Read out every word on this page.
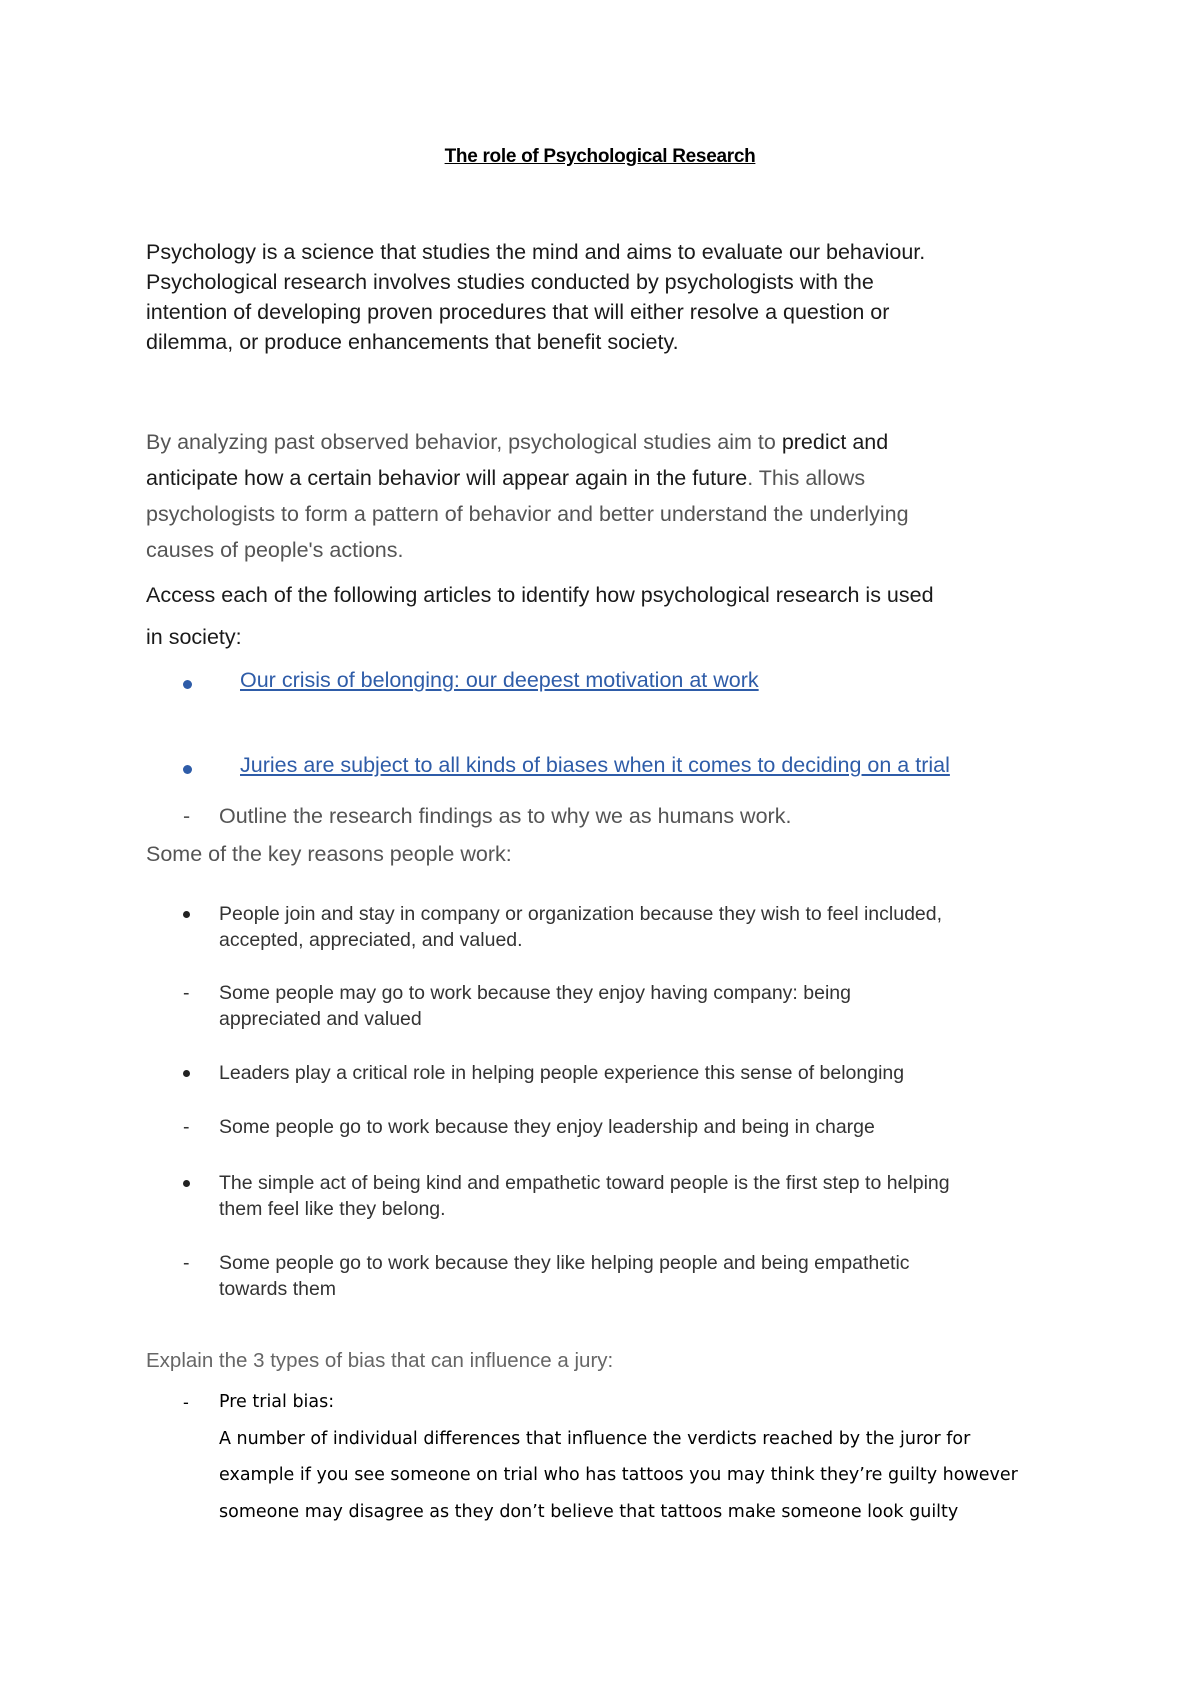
The role of Psychological Research
Psychology is a science that studies the mind and aims to evaluate our behaviour.
Psychological research involves studies conducted by psychologists with the
intention of developing proven procedures that will either resolve a question or
dilemma, or produce enhancements that benefit society.
By analyzing past observed behavior, psychological studies aim to predict and
anticipate how a certain behavior will appear again in the future. This allows
psychologists to form a pattern of behavior and better understand the underlying
causes of people's actions.
Access each of the following articles to identify how psychological research is used
in society:
Our crisis of belonging: our deepest motivation at work
Juries are subject to all kinds of biases when it comes to deciding on a trial
- Outline the research findings as to why we as humans work.
Some of the key reasons people work:
People join and stay in company or organization because they wish to feel included,
accepted, appreciated, and valued.
-	Some people may go to work because they enjoy having company: being
appreciated and valued
Leaders play a critical role in helping people experience this sense of belonging
-	Some people go to work because they enjoy leadership and being in charge
The simple act of being kind and empathetic toward people is the first step to helping
them feel like they belong.
-	Some people go to work because they like helping people and being empathetic
towards them
Explain the 3 types of bias that can influence a jury:
- Pre trial bias:
A number of individual differences that influence the verdicts reached by the juror for
example if you see someone on trial who has tattoos you may think they’re guilty however
someone may disagree as they don’t believe that tattoos make someone look guilty
